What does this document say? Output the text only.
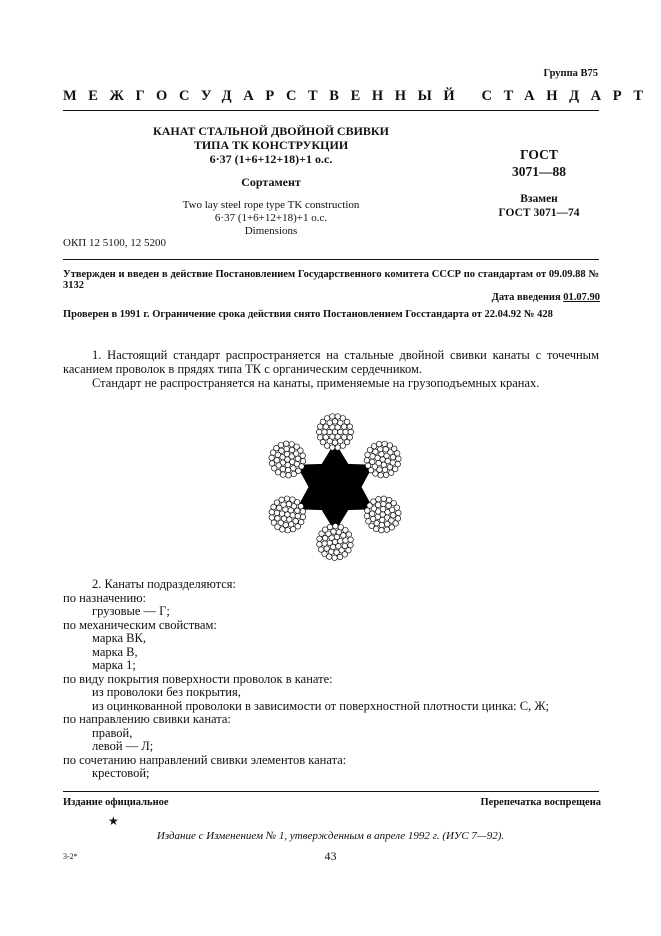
Группа В75
МЕЖГОСУДАРСТВЕННЫЙ СТАНДАРТ
КАНАТ СТАЛЬНОЙ ДВОЙНОЙ СВИВКИ
ТИПА ТК КОНСТРУКЦИИ
6·37 (1+6+12+18)+1 о.с.
Сортамент
Two lay steel rope type TK construction
6·37 (1+6+12+18)+1 o.c.
Dimensions
ГОСТ
3071—88
Взамен
ГОСТ 3071—74
ОКП 12 5100, 12 5200
Утвержден и введен в действие Постановлением Государственного комитета СССР по стандартам от 09.09.88 № 3132
Дата введения 01.07.90
Проверен в 1991 г. Ограничение срока действия снято Постановлением Госстандарта от 22.04.92 № 428
1. Настоящий стандарт распространяется на стальные двойной свивки канаты с точечным касанием проволок в прядях типа ТК с органическим сердечником.
Стандарт не распространяется на канаты, применяемые на грузоподъемных кранах.
2. Канаты подразделяются:
по назначению:
грузовые — Г;
по механическим свойствам:
марка ВК,
марка В,
марка 1;
по виду покрытия поверхности проволок в канате:
из проволоки без покрытия,
из оцинкованной проволоки в зависимости от поверхностной плотности цинка: С, Ж;
по направлению свивки каната:
правой,
левой — Л;
по сочетанию направлений свивки элементов каната:
крестовой;
Издание официальное	Перепечатка воспрещена
★
Издание с Изменением № 1, утвержденным в апреле 1992 г. (ИУС 7—92).
3-2*	43
